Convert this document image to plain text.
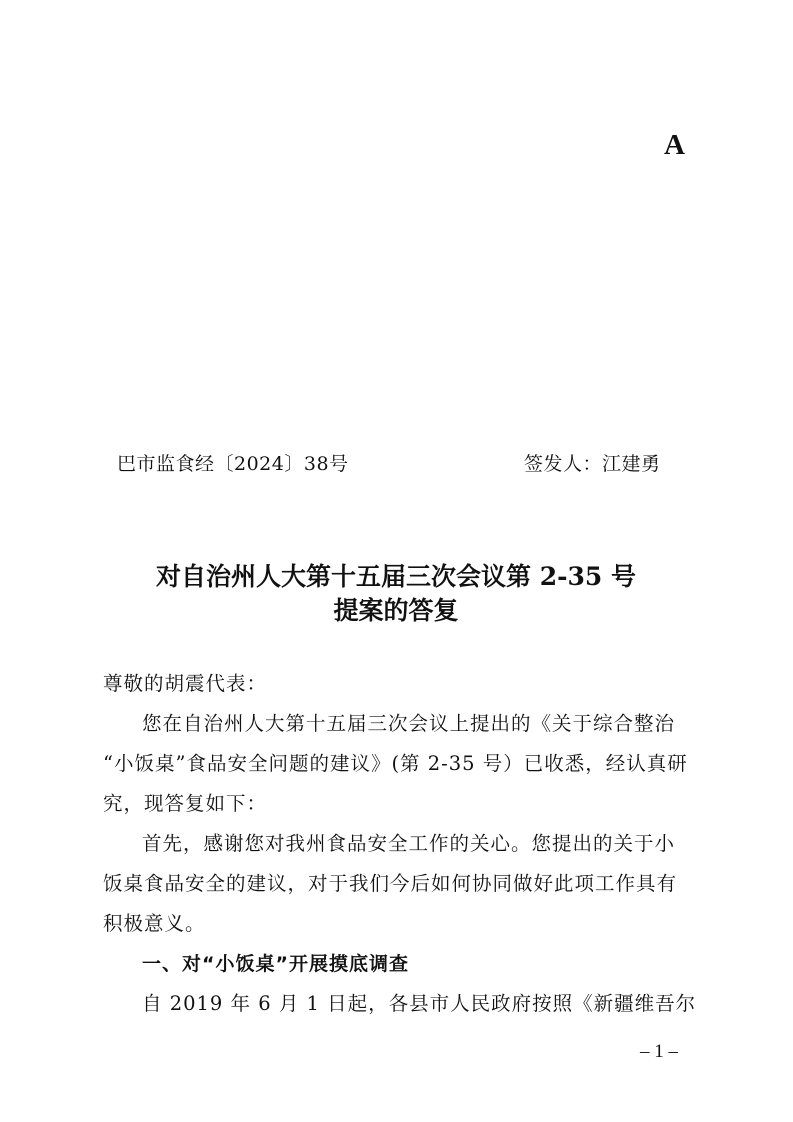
A
巴市监食经〔2024〕38号	签发人：江建勇
对自治州人大第十五届三次会议第 2-35 号
提案的答复
尊敬的胡震代表：
您在自治州人大第十五届三次会议上提出的《关于综合整治
“小饭桌”食品安全问题的建议》(第 2-35 号）已收悉，经认真研
究，现答复如下：
首先，感谢您对我州食品安全工作的关心。您提出的关于小
饭桌食品安全的建议，对于我们今后如何协同做好此项工作具有
积极意义。
一、对“小饭桌”开展摸底调查
自 2019 年 6 月 1 日起，各县市人民政府按照《新疆维吾尔
– 1 –
